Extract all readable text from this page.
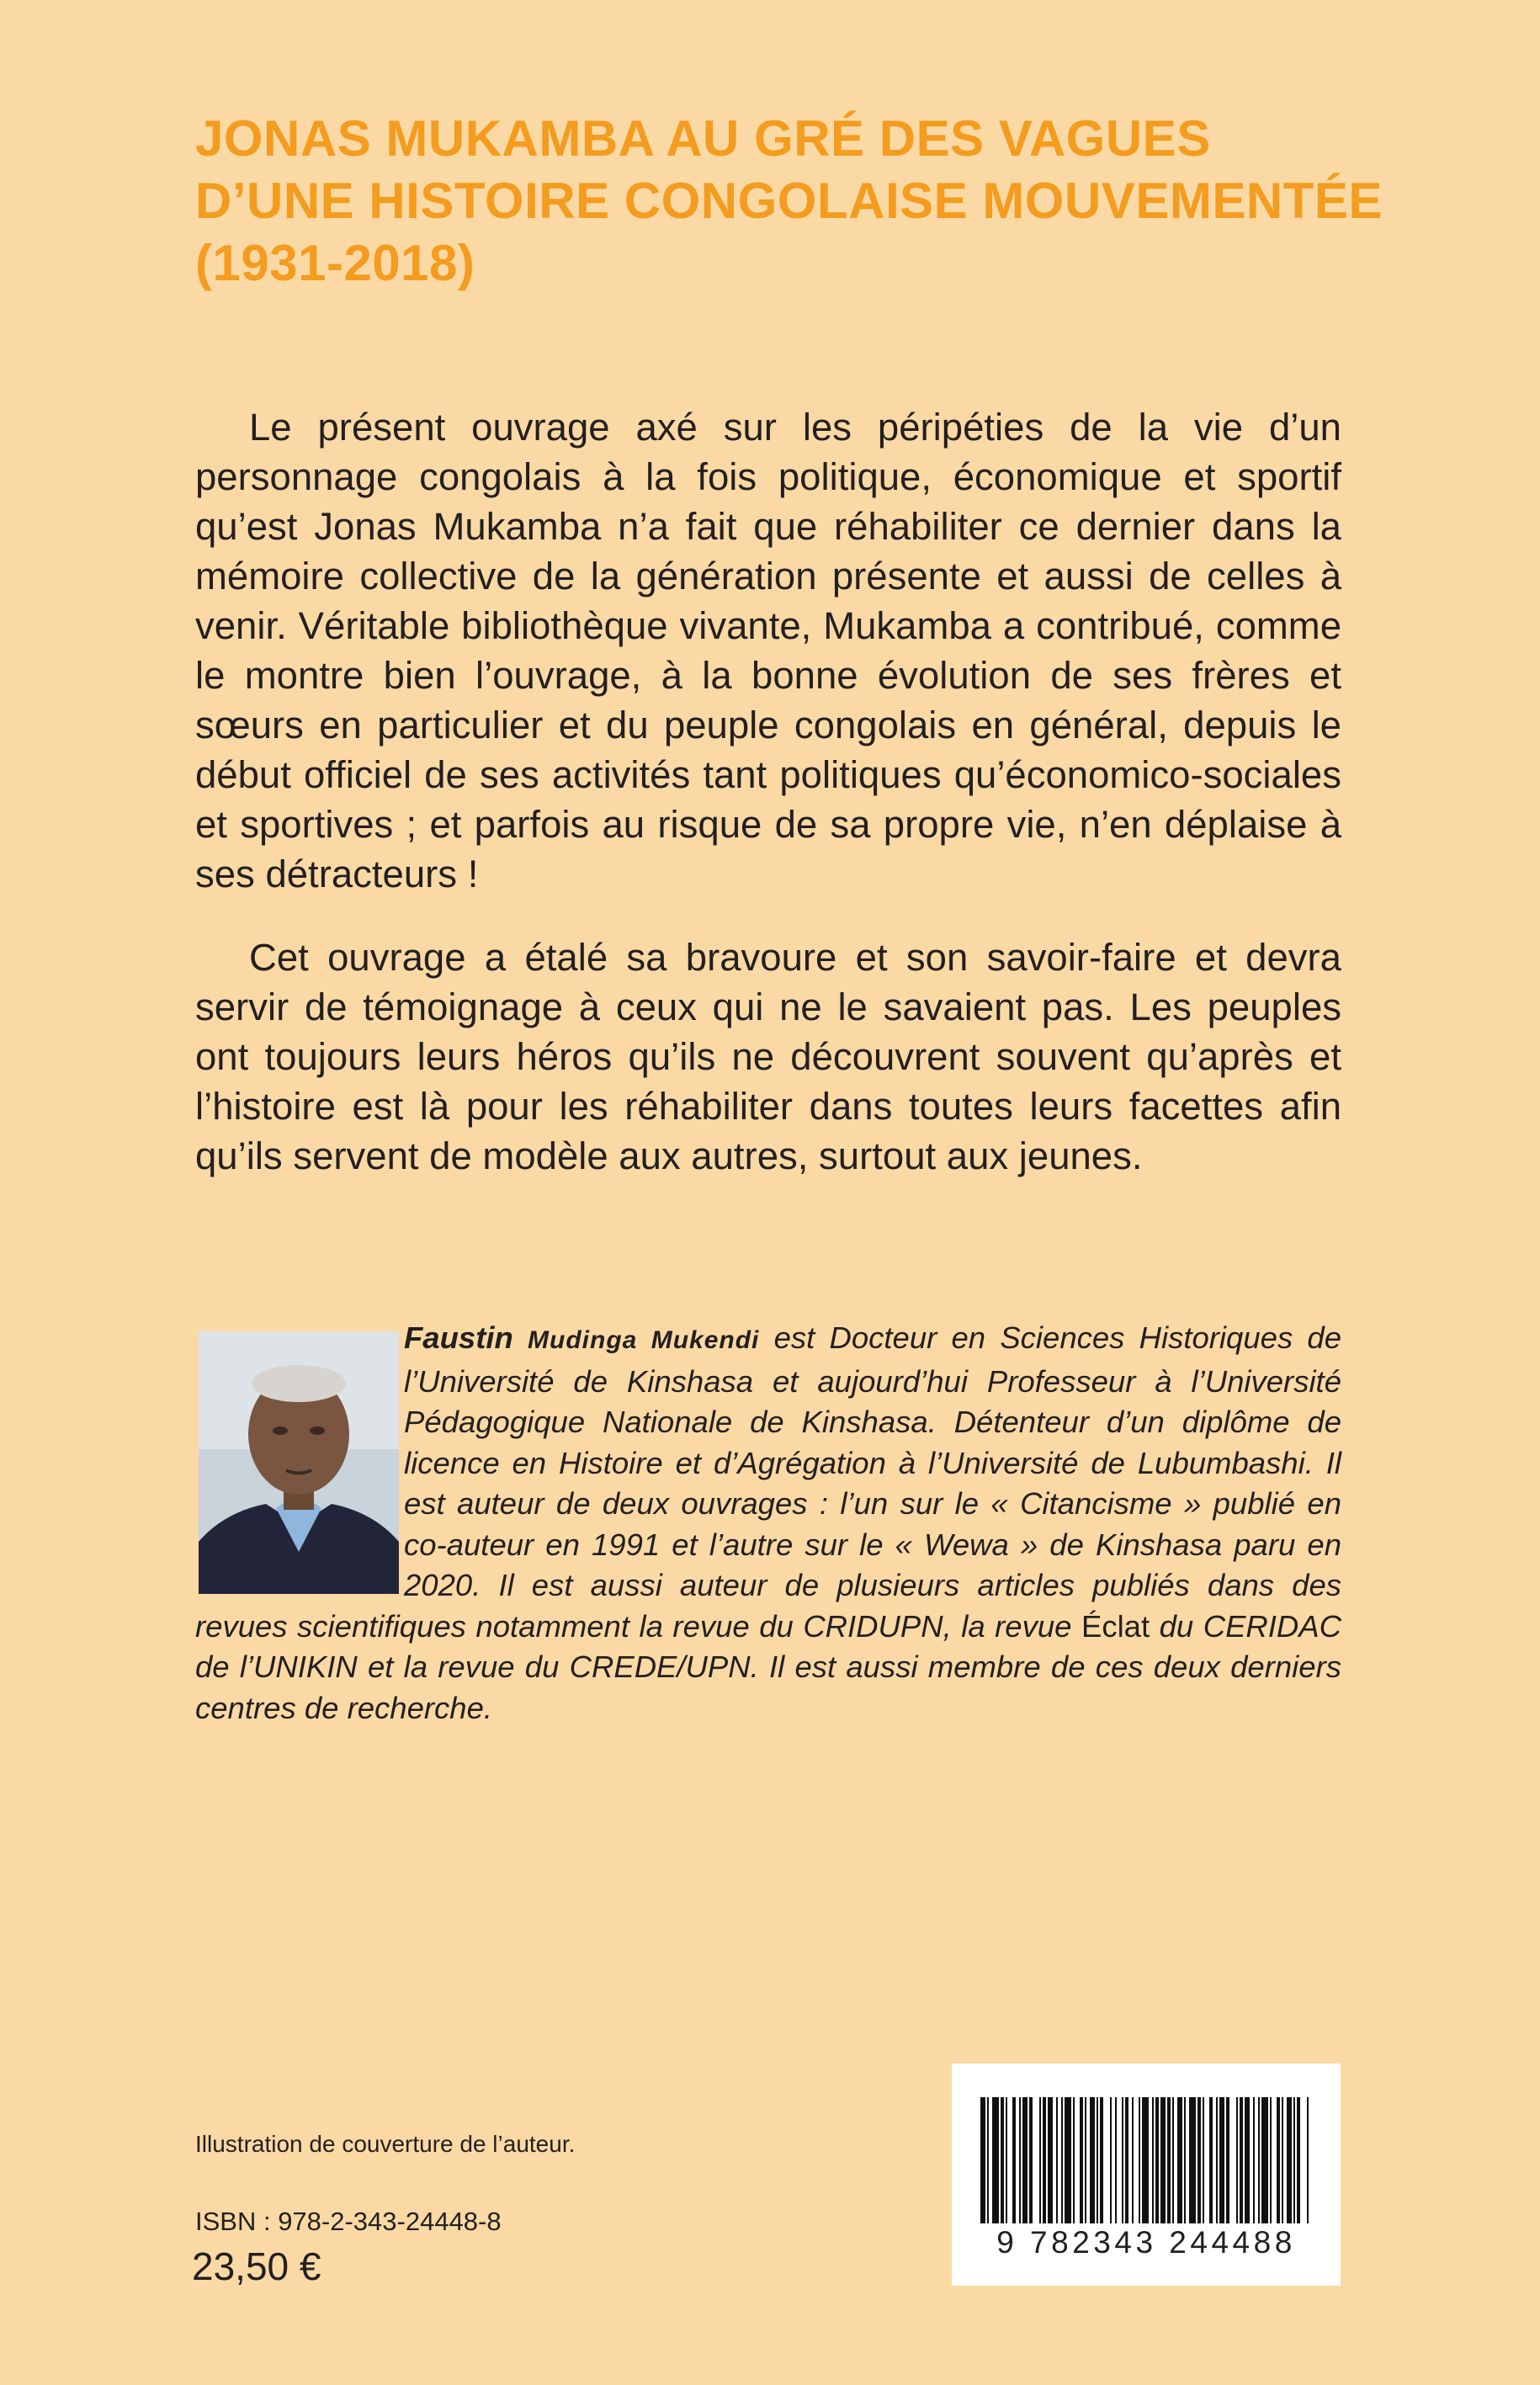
JONAS MUKAMBA AU GRÉ DES VAGUES
D’UNE HISTOIRE CONGOLAISE MOUVEMENTÉE
(1931-2018)

Le présent ouvrage axé sur les péripéties de la vie d’un personnage congolais à la fois politique, économique et sportif qu’est Jonas Mukamba n’a fait que réhabiliter ce dernier dans la mémoire collective de la génération présente et aussi de celles à venir. Véritable bibliothèque vivante, Mukamba a contribué, comme le montre bien l’ouvrage, à la bonne évolution de ses frères et sœurs en particulier et du peuple congolais en général, depuis le début officiel de ses activités tant politiques qu’économico-sociales et sportives ; et parfois au risque de sa propre vie, n’en déplaise à ses détracteurs !

Cet ouvrage a étalé sa bravoure et son savoir-faire et devra servir de témoignage à ceux qui ne le savaient pas. Les peuples ont toujours leurs héros qu’ils ne découvrent souvent qu’après et l’histoire est là pour les réhabiliter dans toutes leurs facettes afin qu’ils servent de modèle aux autres, surtout aux jeunes.

Faustin Mudinga Mukendi est Docteur en Sciences Historiques de l’Université de Kinshasa et aujourd’hui Professeur à l’Université Pédagogique Nationale de Kinshasa. Détenteur d’un diplôme de licence en Histoire et d’Agrégation à l’Université de Lubumbashi. Il est auteur de deux ouvrages : l’un sur le « Citancisme » publié en co-auteur en 1991 et l’autre sur le « Wewa » de Kinshasa paru en 2020. Il est aussi auteur de plusieurs articles publiés dans des revues scientifiques notamment la revue du CRIDUPN, la revue Éclat du CERIDAC de l’UNIKIN et la revue du CREDE/UPN. Il est aussi membre de ces deux derniers centres de recherche.

Illustration de couverture de l’auteur.
ISBN : 978-2-343-24448-8
23,50 €
9 782343 244488
